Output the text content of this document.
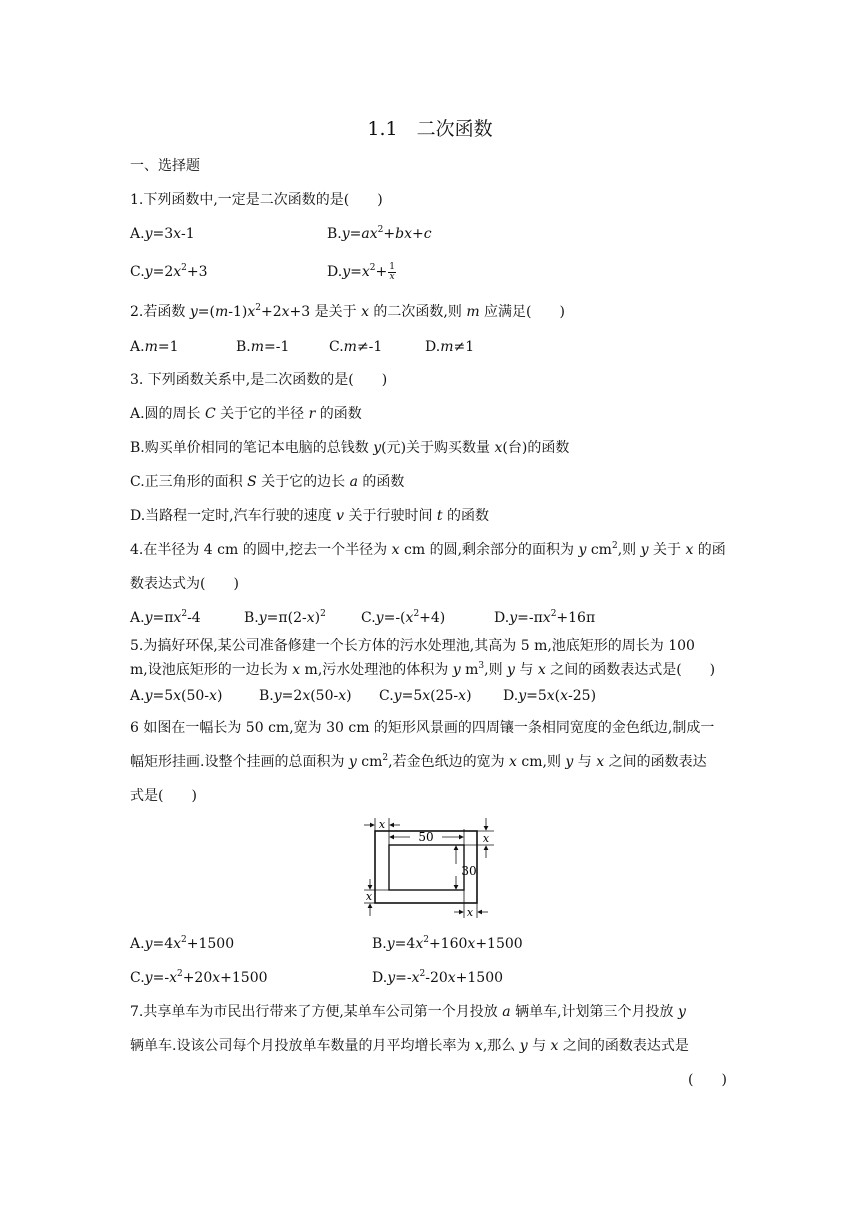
1.1　二次函数
一、选择题
1.下列函数中,一定是二次函数的是(　　)
A.y=3x-1	$B.y=ax^2+bx+c$
$C.y=2x^2+3$	$D.y=x^2+ \frac{1}{x}$
2.若函数 $y=(m-1)x^2+2x+3$ 是关于 x 的二次函数,则 m 应满足(　　)
A.m=1	B.m=-1	C.m≠-1	D.m≠1
3. 下列函数关系中,是二次函数的是(　　)
A.圆的周长 C 关于它的半径 r 的函数
B.购买单价相同的笔记本电脑的总钱数 y(元)关于购买数量 x(台)的函数
C.正三角形的面积 S 关于它的边长 a 的函数
D.当路程一定时,汽车行驶的速度 v 关于行驶时间 t 的函数
4.在半径为 4 cm 的圆中,挖去一个半径为 x cm 的圆,剩余部分的面积为 y $cm^2$,则 y 关于 x 的函
数表达式为(　　)
$A.y=\pi x^2-4$	$B.y=\pi(2-x)^2$	$C.y=-(x^2+4)$	$D.y=-\pi x^2+16\pi$
5.为搞好环保,某公司准备修建一个长方体的污水处理池,其高为 5 m,池底矩形的周长为 100
m,设池底矩形的一边长为 x m,污水处理池的体积为 y $m^3$,则 y 与 x 之间的函数表达式是(　　)
A.y=5x(50-x)	B.y=2x(50-x) C.y=5x(25-x) D.y=5x(x-25)
6 如图在一幅长为 50 cm,宽为 30 cm 的矩形风景画的四周镶一条相同宽度的金色纸边,制成一
幅矩形挂画.设整个挂画的总面积为 y $cm^2$,若金色纸边的宽为 x cm,则 y 与 x 之间的函数表达
式是(　　)
x
50	x
30
x
x
$A.y=4x^2+1500$	$B.y=4x^2+160x+1500$
$C.y=-x^2+20x+1500$	$D.y=-x^2-20x+1500$
7.共享单车为市民出行带来了方便,某单车公司第一个月投放 a 辆单车,计划第三个月投放 y
辆单车.设该公司每个月投放单车数量的月平均增长率为 x,那么 y 与 x 之间的函数表达式是
(　　)
